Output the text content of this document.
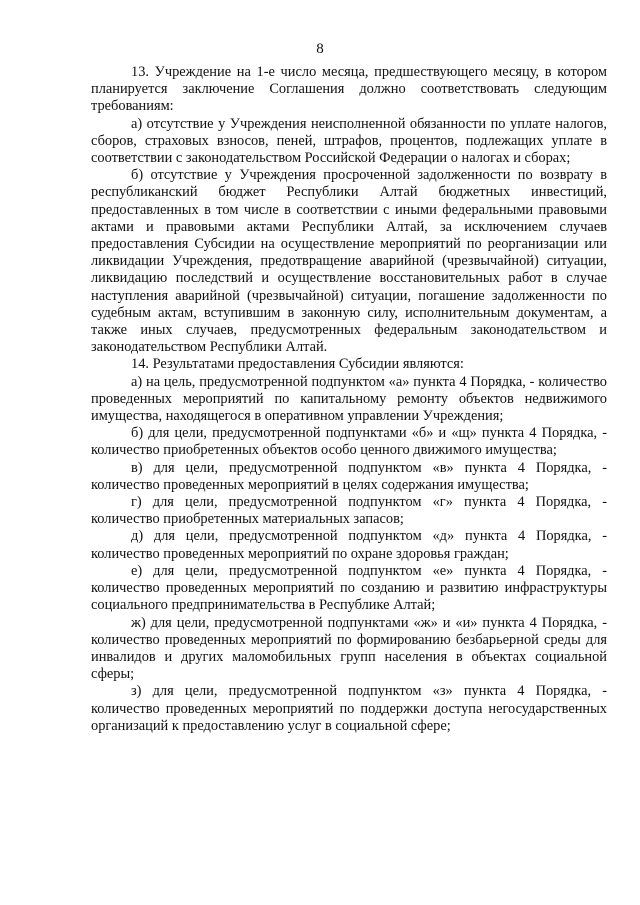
8

13. Учреждение на 1-е число месяца, предшествующего месяцу, в котором планируется заключение Соглашения должно соответствовать следующим требованиям:

а) отсутствие у Учреждения неисполненной обязанности по уплате налогов, сборов, страховых взносов, пеней, штрафов, процентов, подлежащих уплате в соответствии с законодательством Российской Федерации о налогах и сборах;

б) отсутствие у Учреждения просроченной задолженности по возврату в республиканский бюджет Республики Алтай бюджетных инвестиций, предоставленных в том числе в соответствии с иными федеральными правовыми актами и правовыми актами Республики Алтай, за исключением случаев предоставления Субсидии на осуществление мероприятий по реорганизации или ликвидации Учреждения, предотвращение аварийной (чрезвычайной) ситуации, ликвидацию последствий и осуществление восстановительных работ в случае наступления аварийной (чрезвычайной) ситуации, погашение задолженности по судебным актам, вступившим в законную силу, исполнительным документам, а также иных случаев, предусмотренных федеральным законодательством и законодательством Республики Алтай.

14. Результатами предоставления Субсидии являются:

а) на цель, предусмотренной подпунктом «а» пункта 4 Порядка, - количество проведенных мероприятий по капитальному ремонту объектов недвижимого имущества, находящегося в оперативном управлении Учреждения;

б) для цели, предусмотренной подпунктами «б» и «щ» пункта 4 Порядка, - количество приобретенных объектов особо ценного движимого имущества;

в) для цели, предусмотренной подпунктом «в» пункта 4 Порядка, - количество проведенных мероприятий в целях содержания имущества;

г) для цели, предусмотренной подпунктом «г» пункта 4 Порядка, - количество приобретенных материальных запасов;

д) для цели, предусмотренной подпунктом «д» пункта 4 Порядка, - количество проведенных мероприятий по охране здоровья граждан;

е) для цели, предусмотренной подпунктом «е» пункта 4 Порядка, - количество проведенных мероприятий по созданию и развитию инфраструктуры социального предпринимательства в Республике Алтай;

ж) для цели, предусмотренной подпунктами «ж» и «и» пункта 4 Порядка, - количество проведенных мероприятий по формированию безбарьерной среды для инвалидов и других маломобильных групп населения в объектах социальной сферы;

з) для цели, предусмотренной подпунктом «з» пункта 4 Порядка, - количество проведенных мероприятий по поддержки доступа негосударственных организаций к предоставлению услуг в социальной сфере;
